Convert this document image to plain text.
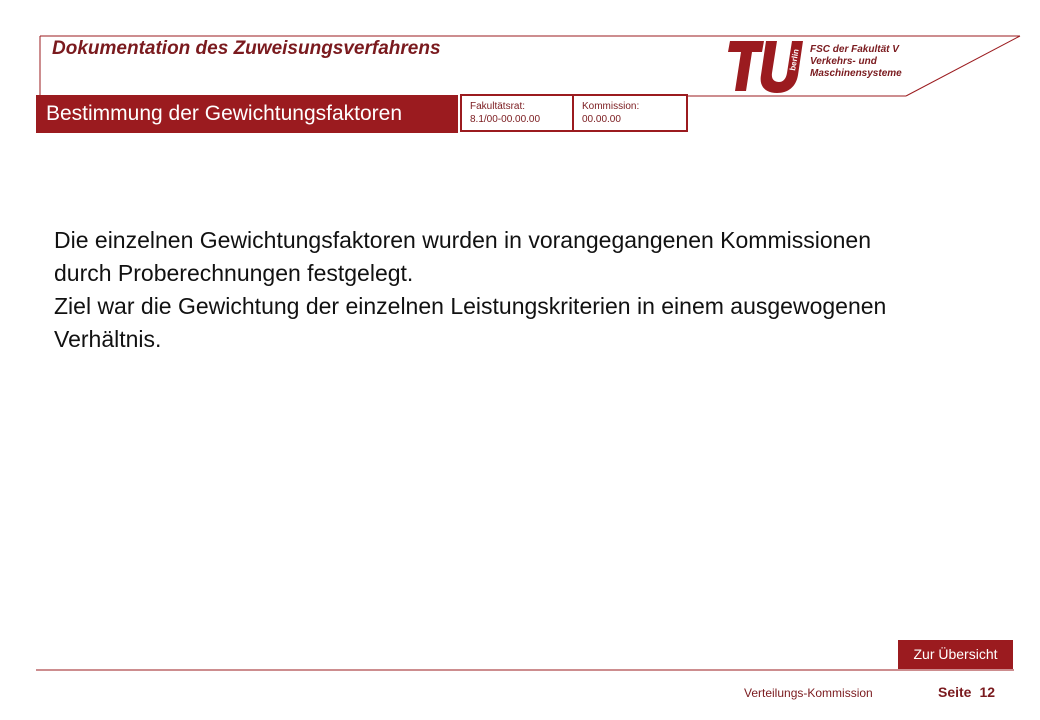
Dokumentation des Zuweisungsverfahrens	berlin FSC der Fakultät V
Verkehrs- und
Maschinensysteme
Bestimmung der Gewichtungsfaktoren	Fakultätsrat:
8.1/00-00.00.00
Kommission:
00.00.00

Die einzelnen Gewichtungsfaktoren wurden in vorangegangenen Kommissionen durch Proberechnungen festgelegt.

Ziel war die Gewichtung der einzelnen Leistungskriterien in einem ausgewogenen Verhältnis.

Zur Übersicht
Verteilungs-Kommission	Seite 12
